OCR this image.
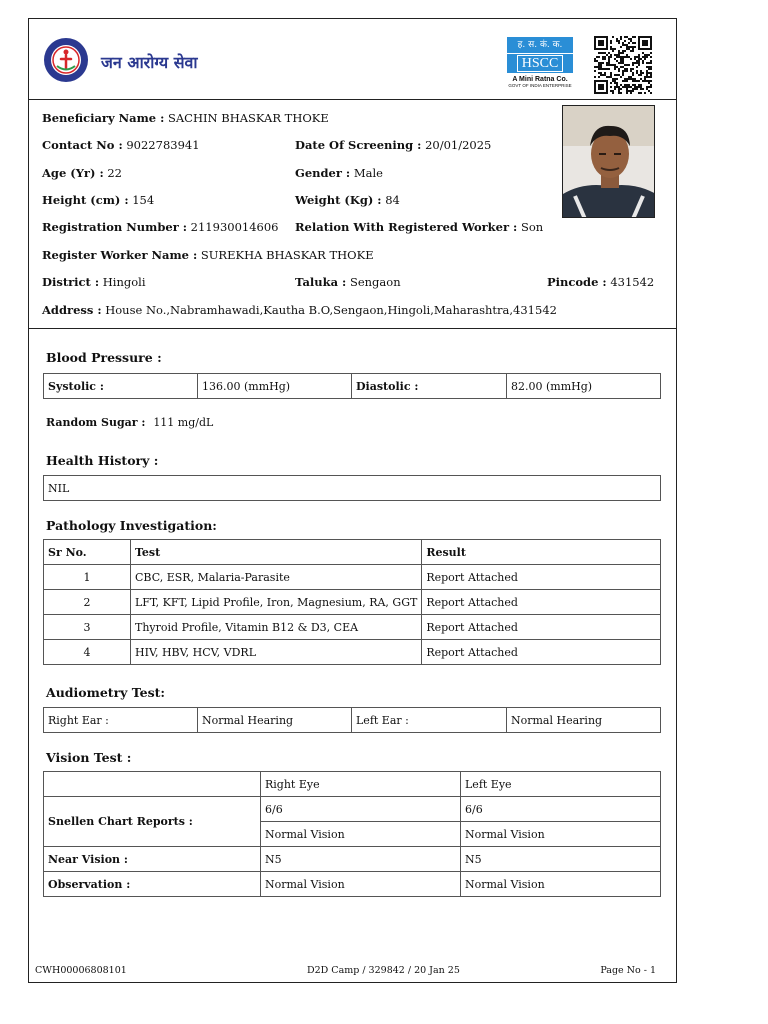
जन आरोग्य सेवा
ह. स. कं. क.
HSCC
A Mini Ratna Co.
GOVT OF INDIA ENTERPRISE
Beneficiary Name : SACHIN BHASKAR THOKE
Contact No : 9022783941	Date Of Screening : 20/01/2025
Age (Yr) : 22	Gender : Male
Height (cm) : 154	Weight (Kg) : 84
Registration Number : 211930014606 Relation With Registered Worker : Son
Register Worker Name : SUREKHA BHASKAR THOKE
District : Hingoli	Taluka : Sengaon	Pincode : 431542
Address : House No.,Nabramhawadi,Kautha B.O,Sengaon,Hingoli,Maharashtra,431542
Blood Pressure :
Systolic :	136.00 (mmHg)	Diastolic :	82.00 (mmHg)
Random Sugar : 111 mg/dL
Health History :
NIL
Pathology Investigation:
Sr No.	Test	Result
1	CBC, ESR, Malaria-Parasite	Report Attached
2	LFT, KFT, Lipid Profile, Iron, Magnesium, RA, GGT	Report Attached
3	Thyroid Profile, Vitamin B12 & D3, CEA	Report Attached
4	HIV, HBV, HCV, VDRL	Report Attached
Audiometry Test:
Right Ear :	Normal Hearing	Left Ear :	Normal Hearing
Vision Test :
	Right Eye	Left Eye
Snellen Chart Reports :	6/6	6/6
	Normal Vision	Normal Vision
Near Vision :	N5	N5
Observation :	Normal Vision	Normal Vision
CWH00006808101	D2D Camp / 329842 / 20 Jan 25	Page No - 1
